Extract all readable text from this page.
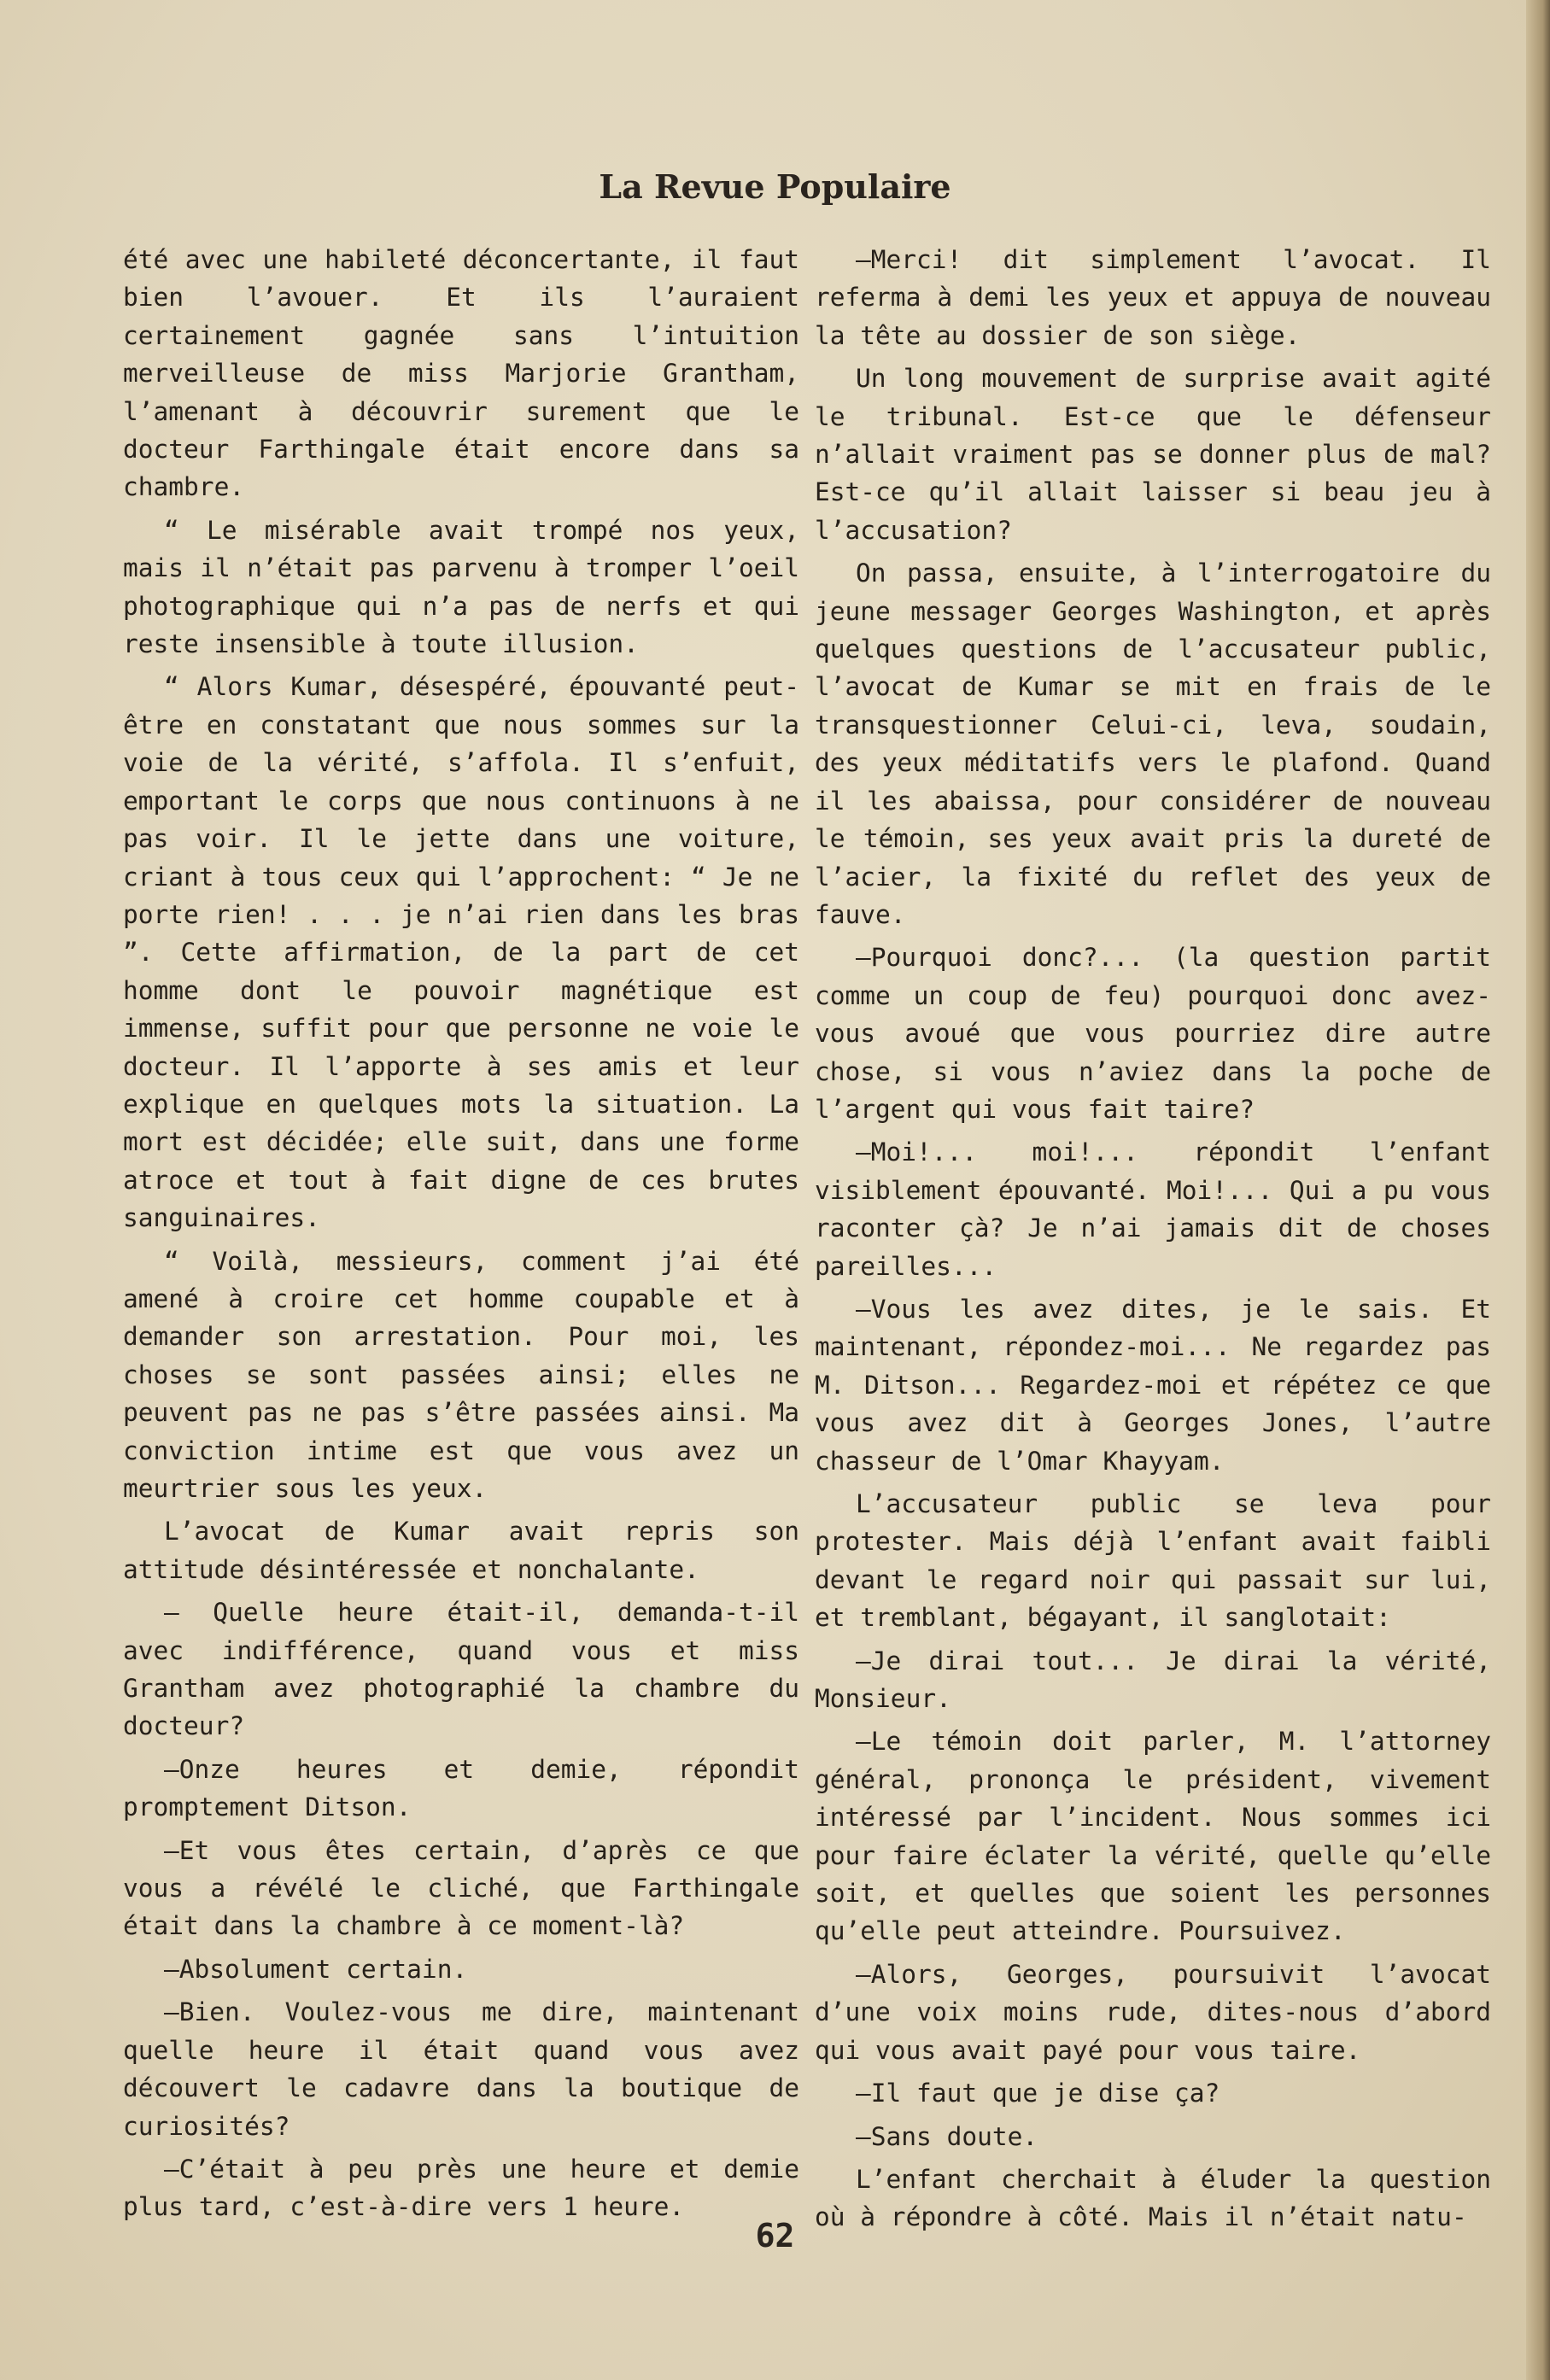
La Revue Populaire

été avec une habileté déconcertante, il faut bien l’avouer. Et ils l’auraient certainement gagnée sans l’intuition merveilleuse de miss Marjorie Grantham, l’amenant à découvrir surement que le docteur Farthingale était encore dans sa chambre.

“ Le misérable avait trompé nos yeux, mais il n’était pas parvenu à tromper l’oeil photographique qui n’a pas de nerfs et qui reste insensible à toute illusion.

“ Alors Kumar, désespéré, épouvanté peut-être en constatant que nous sommes sur la voie de la vérité, s’affola. Il s’enfuit, emportant le corps que nous continuons à ne pas voir. Il le jette dans une voiture, criant à tous ceux qui l’approchent: “ Je ne porte rien! . . . je n’ai rien dans les bras ”. Cette affirmation, de la part de cet homme dont le pouvoir magnétique est immense, suffit pour que personne ne voie le docteur. Il l’apporte à ses amis et leur explique en quelques mots la situation. La mort est décidée; elle suit, dans une forme atroce et tout à fait digne de ces brutes sanguinaires.

“ Voilà, messieurs, comment j’ai été amené à croire cet homme coupable et à demander son arrestation. Pour moi, les choses se sont passées ainsi; elles ne peuvent pas ne pas s’être passées ainsi. Ma conviction intime est que vous avez un meurtrier sous les yeux.

L’avocat de Kumar avait repris son attitude désintéressée et nonchalante.

— Quelle heure était-il, demanda-t-il avec indifférence, quand vous et miss Grantham avez photographié la chambre du docteur?

—Onze heures et demie, répondit promptement Ditson.

—Et vous êtes certain, d’après ce que vous a révélé le cliché, que Farthingale était dans la chambre à ce moment-là?

—Absolument certain.

—Bien. Voulez-vous me dire, maintenant quelle heure il était quand vous avez découvert le cadavre dans la boutique de curiosités?

—C’était à peu près une heure et demie plus tard, c’est-à-dire vers 1 heure.

—Merci! dit simplement l’avocat. Il referma à demi les yeux et appuya de nouveau la tête au dossier de son siège.

Un long mouvement de surprise avait agité le tribunal. Est-ce que le défenseur n’allait vraiment pas se donner plus de mal? Est-ce qu’il allait laisser si beau jeu à l’accusation?

On passa, ensuite, à l’interrogatoire du jeune messager Georges Washington, et après quelques questions de l’accusateur public, l’avocat de Kumar se mit en frais de le transquestionner Celui-ci, leva, soudain, des yeux méditatifs vers le plafond. Quand il les abaissa, pour considérer de nouveau le témoin, ses yeux avait pris la dureté de l’acier, la fixité du reflet des yeux de fauve.

—Pourquoi donc?... (la question partit comme un coup de feu) pourquoi donc avez-vous avoué que vous pourriez dire autre chose, si vous n’aviez dans la poche de l’argent qui vous fait taire?

—Moi!... moi!... répondit l’enfant visiblement épouvanté. Moi!... Qui a pu vous raconter çà? Je n’ai jamais dit de choses pareilles...

—Vous les avez dites, je le sais. Et maintenant, répondez-moi... Ne regardez pas M. Ditson... Regardez-moi et répétez ce que vous avez dit à Georges Jones, l’autre chasseur de l’Omar Khayyam.

L’accusateur public se leva pour protester. Mais déjà l’enfant avait faibli devant le regard noir qui passait sur lui, et tremblant, bégayant, il sanglotait:

—Je dirai tout... Je dirai la vérité, Monsieur.

—Le témoin doit parler, M. l’attorney général, prononça le président, vivement intéressé par l’incident. Nous sommes ici pour faire éclater la vérité, quelle qu’elle soit, et quelles que soient les personnes qu’elle peut atteindre. Poursuivez.

—Alors, Georges, poursuivit l’avocat d’une voix moins rude, dites-nous d’abord qui vous avait payé pour vous taire.

—Il faut que je dise ça?

—Sans doute.

L’enfant cherchait à éluder la question où à répondre à côté. Mais il n’était natu-

62
